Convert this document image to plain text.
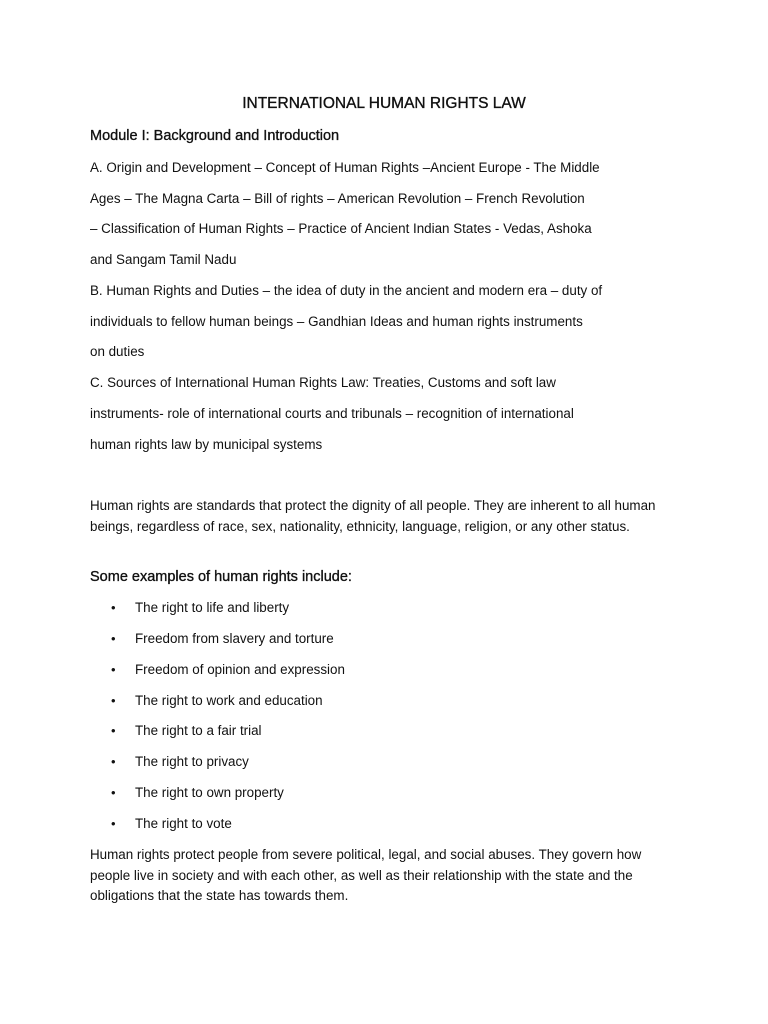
INTERNATIONAL HUMAN RIGHTS LAW
Module I: Background and Introduction

A. Origin and Development – Concept of Human Rights –Ancient Europe - The Middle

Ages – The Magna Carta – Bill of rights – American Revolution – French Revolution

– Classification of Human Rights – Practice of Ancient Indian States - Vedas, Ashoka

and Sangam Tamil Nadu

B. Human Rights and Duties – the idea of duty in the ancient and modern era – duty of

individuals to fellow human beings – Gandhian Ideas and human rights instruments

on duties

C. Sources of International Human Rights Law: Treaties, Customs and soft law

instruments- role of international courts and tribunals – recognition of international

human rights law by municipal systems

Human rights are standards that protect the dignity of all people. They are inherent to all human beings, regardless of race, sex, nationality, ethnicity, language, religion, or any other status.

Some examples of human rights include:
• The right to life and liberty
• Freedom from slavery and torture
• Freedom of opinion and expression
• The right to work and education
• The right to a fair trial
• The right to privacy
• The right to own property
• The right to vote

Human rights protect people from severe political, legal, and social abuses. They govern how people live in society and with each other, as well as their relationship with the state and the obligations that the state has towards them.
